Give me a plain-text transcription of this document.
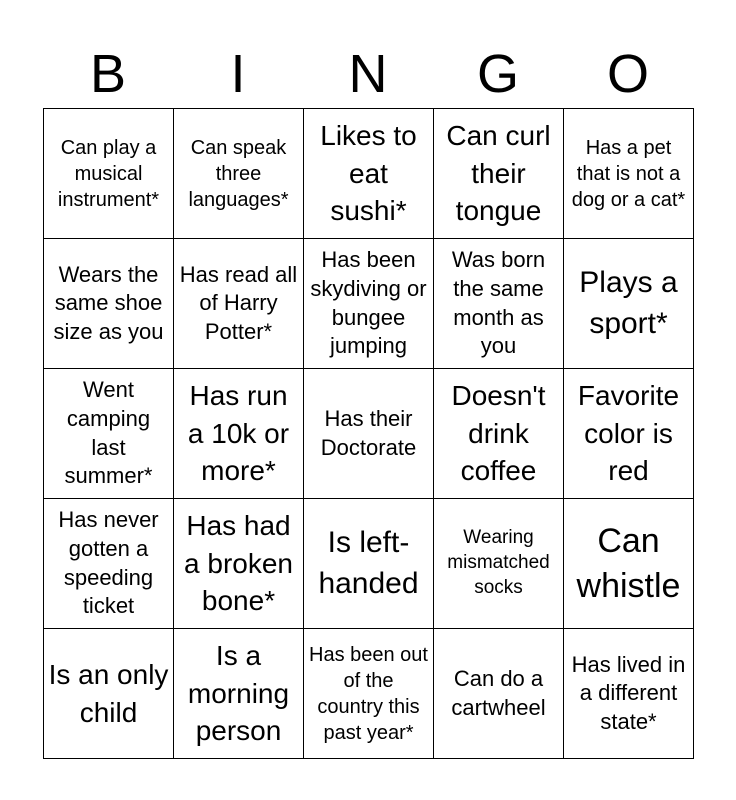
B	I	N	G	O
Can play a musical instrument*	Can speak three languages*	Likes to eat sushi*	Can curl their tongue	Has a pet that is not a dog or a cat*
Wears the same shoe size as you	Has read all of Harry Potter*	Has been skydiving or bungee jumping	Was born the same month as you	Plays a sport*
Went camping last summer*	Has run a 10k or more*	Has their Doctorate	Doesn't drink coffee	Favorite color is red
Has never gotten a speeding ticket	Has had a broken bone*	Is left-handed	Wearing mismatched socks	Can whistle
Is an only child	Is a morning person	Has been out of the country this past year*	Can do a cartwheel	Has lived in a different state*
